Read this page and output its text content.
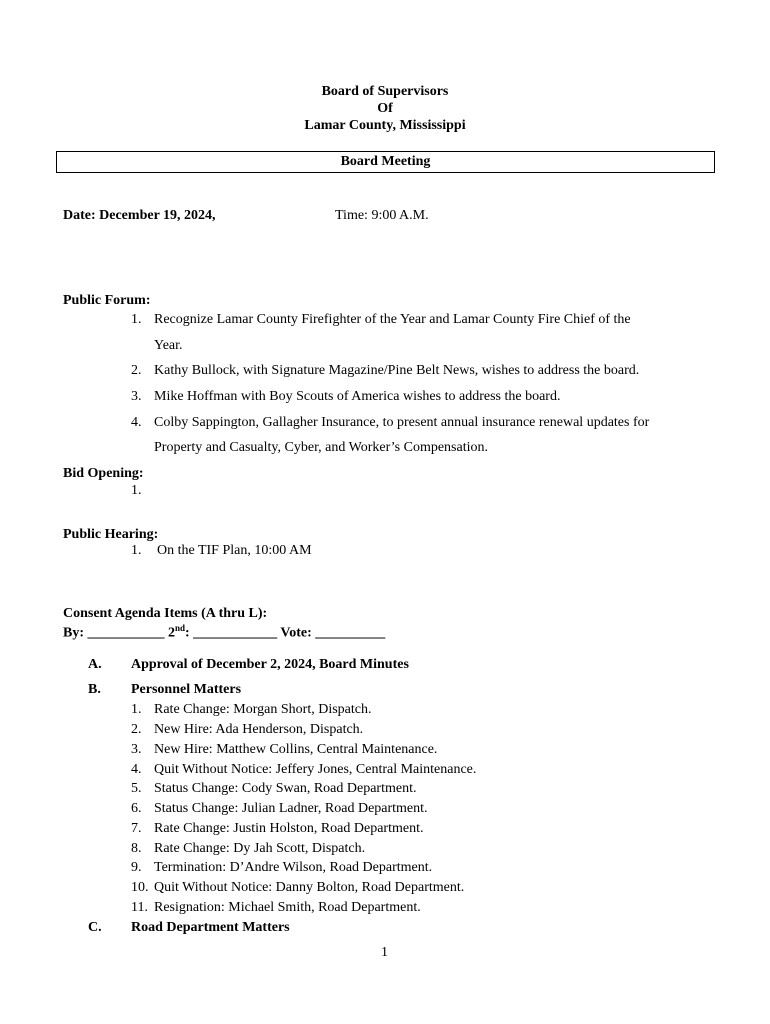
Board of Supervisors
Of
Lamar County, Mississippi
Board Meeting
Date: December 19, 2024,	Time: 9:00 A.M.
Public Forum:
1. Recognize Lamar County Firefighter of the Year and Lamar County Fire Chief of the
Year.
2. Kathy Bullock, with Signature Magazine/Pine Belt News, wishes to address the board.
3. Mike Hoffman with Boy Scouts of America wishes to address the board.
4. Colby Sappington, Gallagher Insurance, to present annual insurance renewal updates for
Property and Casualty, Cyber, and Worker’s Compensation.
Bid Opening:
1.
Public Hearing:
1. On the TIF Plan, 10:00 AM
Consent Agenda Items (A thru L):
By: ___________ 2nd: ____________ Vote: __________
A. Approval of December 2, 2024, Board Minutes
B. Personnel Matters
1. Rate Change: Morgan Short, Dispatch.
2. New Hire: Ada Henderson, Dispatch.
3. New Hire: Matthew Collins, Central Maintenance.
4. Quit Without Notice: Jeffery Jones, Central Maintenance.
5. Status Change: Cody Swan, Road Department.
6. Status Change: Julian Ladner, Road Department.
7. Rate Change: Justin Holston, Road Department.
8. Rate Change: Dy Jah Scott, Dispatch.
9. Termination: D’Andre Wilson, Road Department.
10. Quit Without Notice: Danny Bolton, Road Department.
11. Resignation: Michael Smith, Road Department.
C. Road Department Matters
1
